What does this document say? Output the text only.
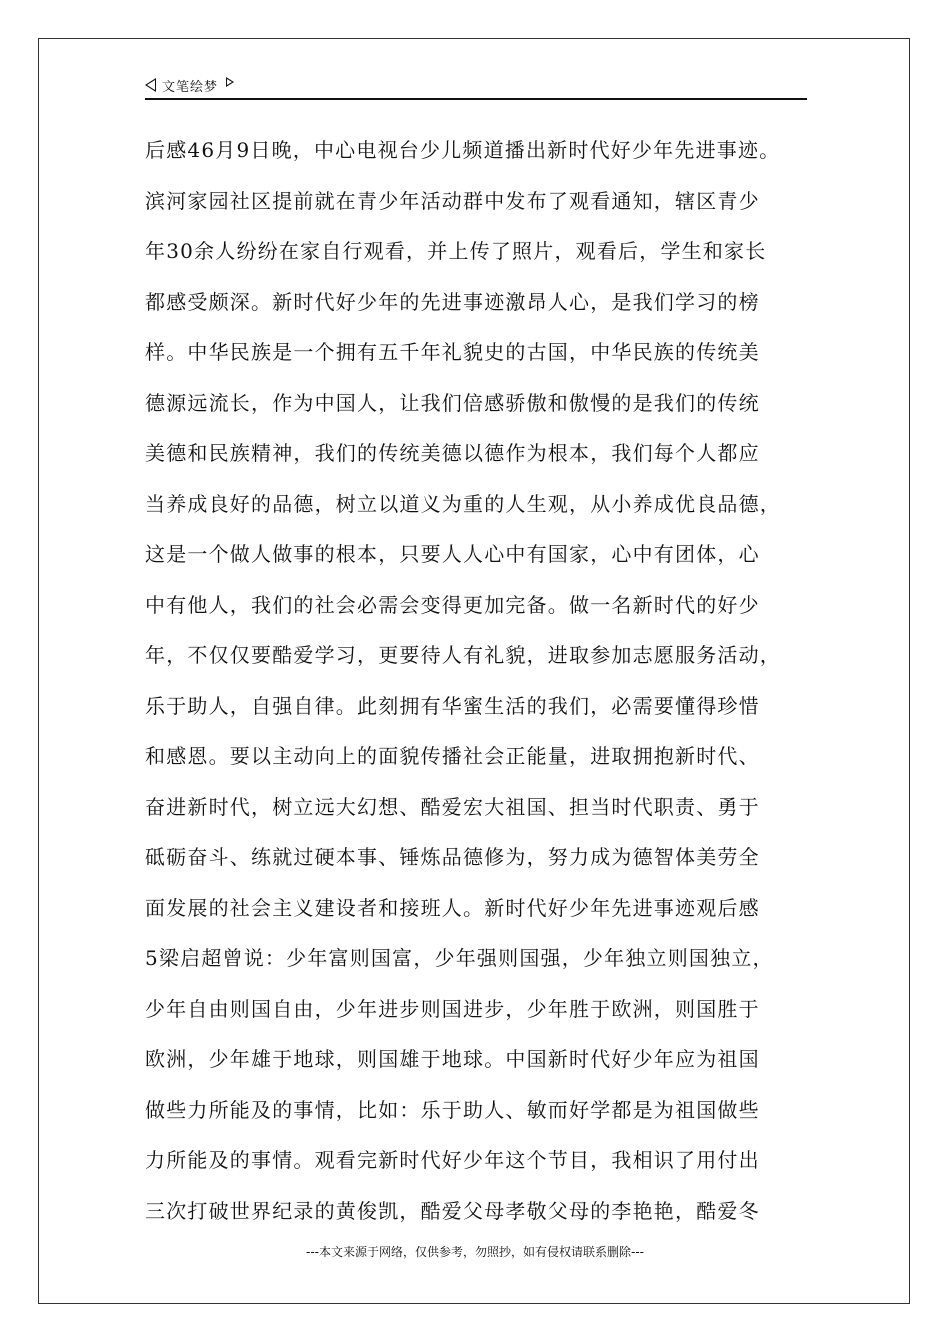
文笔绘梦
后感46月9日晚，中心电视台少儿频道播出新时代好少年先进事迹。
滨河家园社区提前就在青少年活动群中发布了观看通知，辖区青少
年30余人纷纷在家自行观看，并上传了照片，观看后，学生和家长
都感受颇深。新时代好少年的先进事迹激昂人心，是我们学习的榜
样。中华民族是一个拥有五千年礼貌史的古国，中华民族的传统美
德源远流长，作为中国人，让我们倍感骄傲和傲慢的是我们的传统
美德和民族精神，我们的传统美德以德作为根本，我们每个人都应
当养成良好的品德，树立以道义为重的人生观，从小养成优良品德，
这是一个做人做事的根本，只要人人心中有国家，心中有团体，心
中有他人，我们的社会必需会变得更加完备。做一名新时代的好少
年，不仅仅要酷爱学习，更要待人有礼貌，进取参加志愿服务活动，
乐于助人，自强自律。此刻拥有华蜜生活的我们，必需要懂得珍惜
和感恩。要以主动向上的面貌传播社会正能量，进取拥抱新时代、
奋进新时代，树立远大幻想、酷爱宏大祖国、担当时代职责、勇于
砥砺奋斗、练就过硬本事、锤炼品德修为，努力成为德智体美劳全
面发展的社会主义建设者和接班人。新时代好少年先进事迹观后感
5梁启超曾说：少年富则国富，少年强则国强，少年独立则国独立，
少年自由则国自由，少年进步则国进步，少年胜于欧洲，则国胜于
欧洲，少年雄于地球，则国雄于地球。中国新时代好少年应为祖国
做些力所能及的事情，比如：乐于助人、敏而好学都是为祖国做些
力所能及的事情。观看完新时代好少年这个节目，我相识了用付出
三次打破世界纪录的黄俊凯，酷爱父母孝敬父母的李艳艳，酷爱冬
---本文来源于网络，仅供参考，勿照抄，如有侵权请联系删除---
